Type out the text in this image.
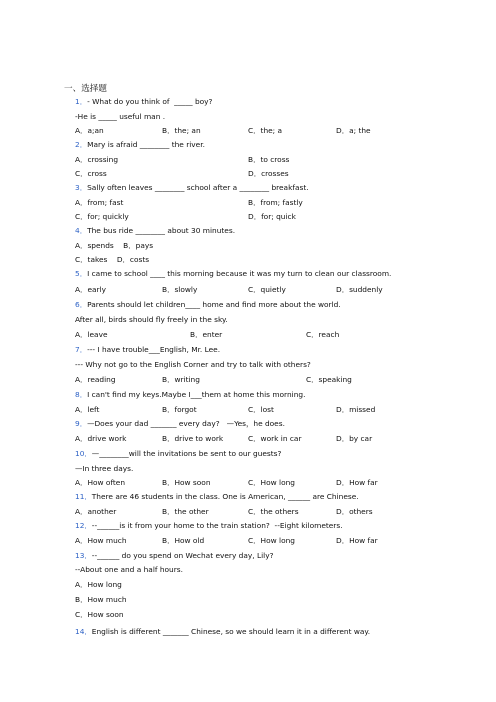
一、选择题
1．- What do you think of  _____ boy?
-He is _____ useful man .
A．a;an	B．the; an	C．the; a	D．a; the
2．Mary is afraid ________ the river.
A．crossing	B．to cross
C．cross	D．crosses
3．Sally often leaves ________ school after a ________ breakfast.
A．from; fast	B．from; fastly
C．for; quickly	D．for; quick
4．The bus ride ________ about 30 minutes.
A．spends B．pays
C．takes D．costs
5．I came to school ____ this morning because it was my turn to clean our classroom.
A．early	B．slowly	C．quietly	D．suddenly
6．Parents should let children____ home and find more about the world.
After all, birds should fly freely in the sky.
A．leave	B．enter	C．reach
7．--- I have trouble___English, Mr. Lee.
--- Why not go to the English Corner and try to talk with others?
A．reading	B．writing	C．speaking
8．I can't find my keys.Maybe I___them at home this morning.
A．left	B．forgot	C．lost	D．missed
9．—Does your dad _______ every day?   —Yes，he does.
A．drive work	B．drive to work	C．work in car	D．by car
10．—________will the invitations be sent to our guests?
—In three days.
A．How often	B．How soon	C．How long	D．How far
11．There are 46 students in the class. One is American, ______ are Chinese.
A．another	B．the other	C．the others	D．others
12．--______is it from your home to the train station?  --Eight kilometers.
A．How much	B．How old	C．How long	D．How far
13．--______ do you spend on Wechat every day, Lily?
--About one and a half hours.
A．How long
B．How much
C．How soon
14．English is different _______ Chinese, so we should learn it in a different way.
